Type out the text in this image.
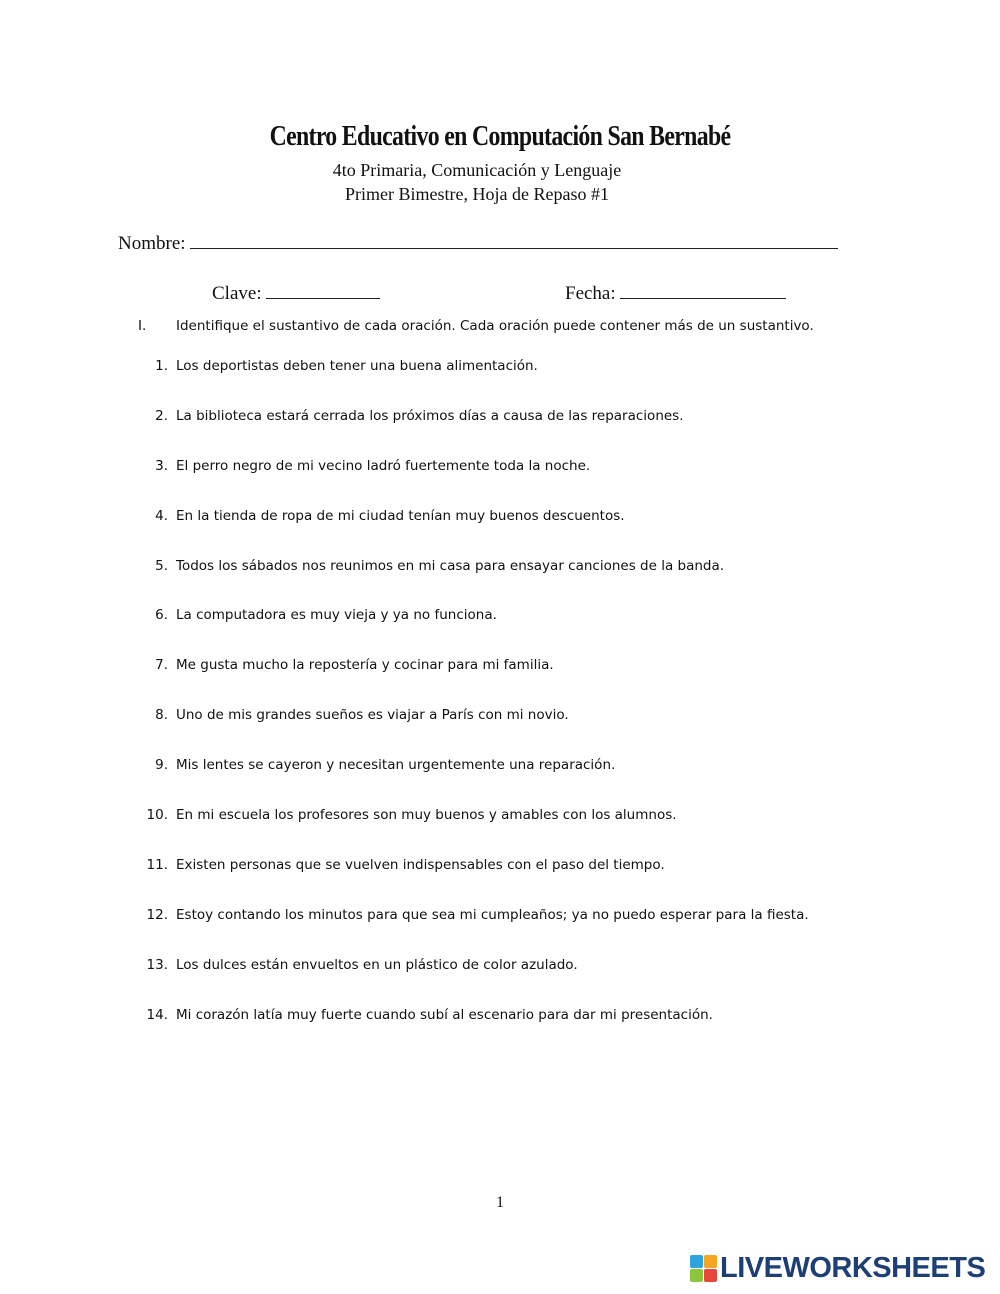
Centro Educativo en Computación San Bernabé
4to Primaria, Comunicación y Lenguaje
Primer Bimestre, Hoja de Repaso #1
Nombre:
Clave:	Fecha:
I. Identifique el sustantivo de cada oración. Cada oración puede contener más de un sustantivo.
1. Los deportistas deben tener una buena alimentación.
2. La biblioteca estará cerrada los próximos días a causa de las reparaciones.
3. El perro negro de mi vecino ladró fuertemente toda la noche.
4. En la tienda de ropa de mi ciudad tenían muy buenos descuentos.
5. Todos los sábados nos reunimos en mi casa para ensayar canciones de la banda.
6. La computadora es muy vieja y ya no funciona.
7. Me gusta mucho la repostería y cocinar para mi familia.
8. Uno de mis grandes sueños es viajar a París con mi novio.
9. Mis lentes se cayeron y necesitan urgentemente una reparación.
10. En mi escuela los profesores son muy buenos y amables con los alumnos.
11. Existen personas que se vuelven indispensables con el paso del tiempo.
12. Estoy contando los minutos para que sea mi cumpleaños; ya no puedo esperar para la fiesta.
13. Los dulces están envueltos en un plástico de color azulado.
14. Mi corazón latía muy fuerte cuando subí al escenario para dar mi presentación.
1
LIVEWORKSHEETS
